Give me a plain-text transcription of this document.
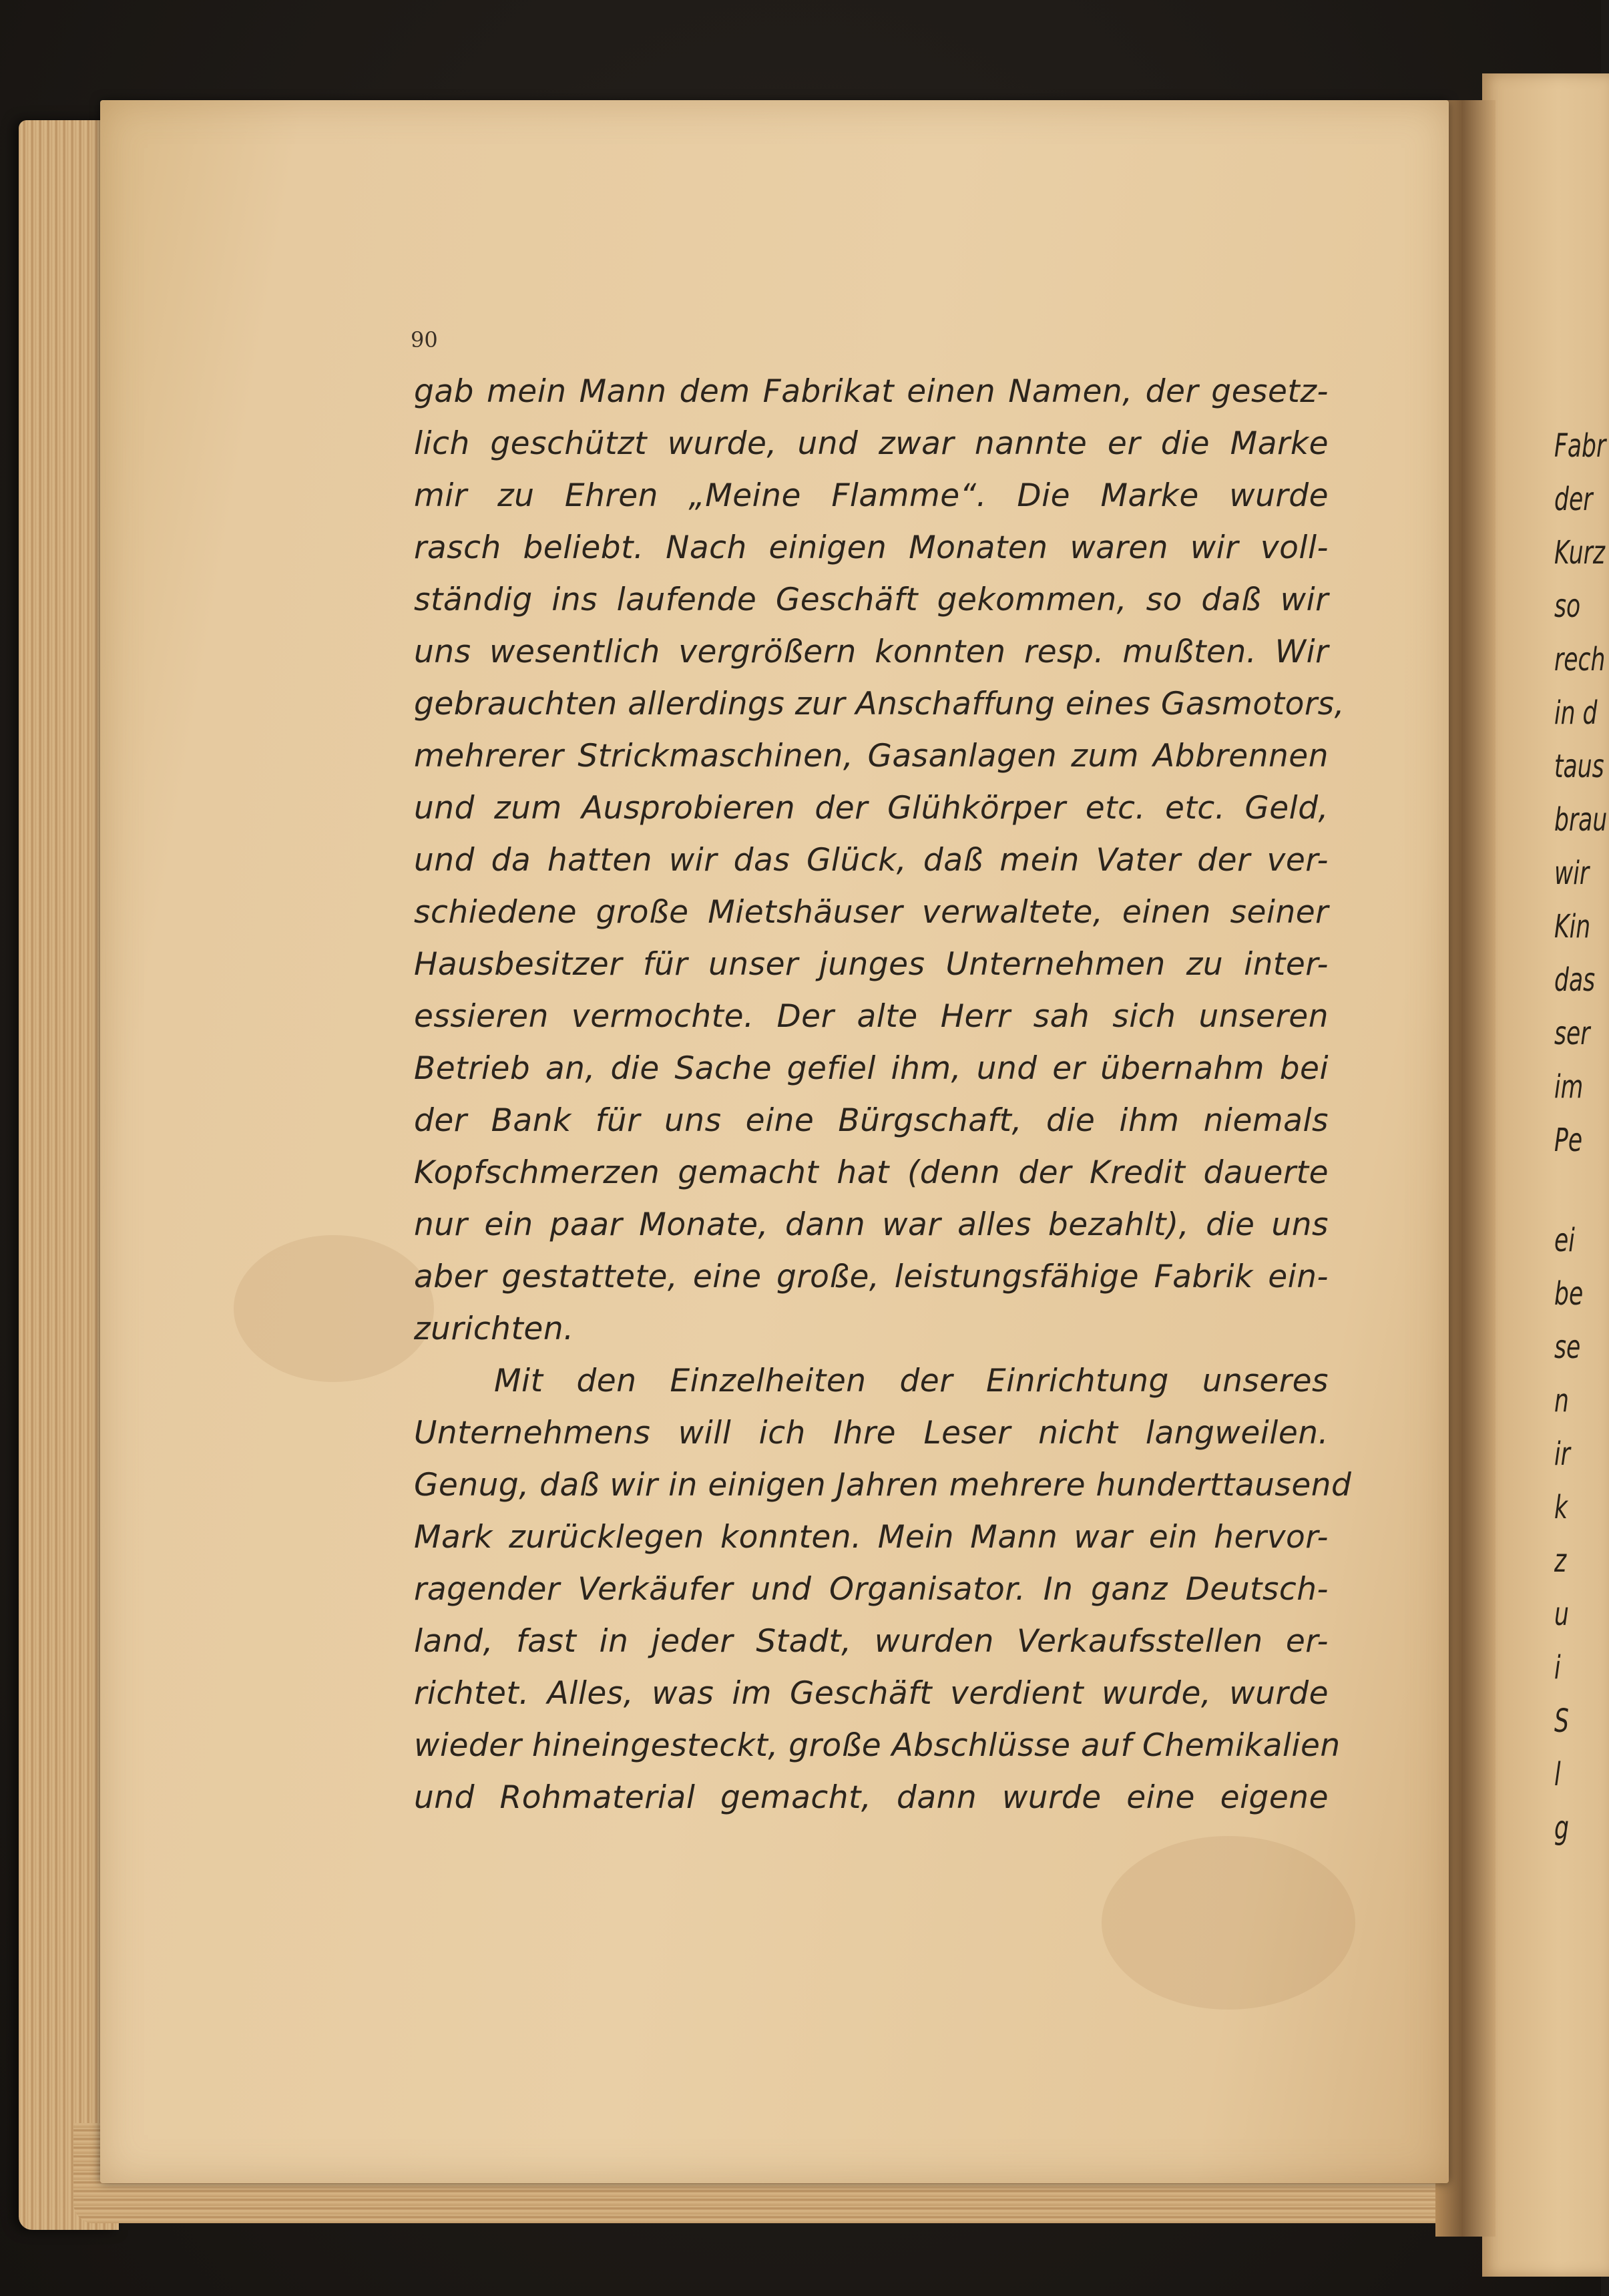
Fabr

der

Kurz

so

rech

in d

taus

brau

wir

Kin

das

ser

im

Pe

ei

be

se

n

ir

k

z

u

i

S

l

g

90

gab mein Mann dem Fabrikat einen Namen, der gesetz-

lich geschützt wurde, und zwar nannte er die Marke

mir zu Ehren „Meine Flamme“. Die Marke wurde

rasch beliebt. Nach einigen Monaten waren wir voll-

ständig ins laufende Geschäft gekommen, so daß wir

uns wesentlich vergrößern konnten resp. mußten. Wir

gebrauchten allerdings zur Anschaffung eines Gasmotors,

mehrerer Strickmaschinen, Gasanlagen zum Abbrennen

und zum Ausprobieren der Glühkörper etc. etc. Geld,

und da hatten wir das Glück, daß mein Vater der ver-

schiedene große Mietshäuser verwaltete, einen seiner

Hausbesitzer für unser junges Unternehmen zu inter-

essieren vermochte. Der alte Herr sah sich unseren

Betrieb an, die Sache gefiel ihm, und er übernahm bei

der Bank für uns eine Bürgschaft, die ihm niemals

Kopfschmerzen gemacht hat (denn der Kredit dauerte

nur ein paar Monate, dann war alles bezahlt), die uns

aber gestattete, eine große, leistungsfähige Fabrik ein-

zurichten.

Mit den Einzelheiten der Einrichtung unseres

Unternehmens will ich Ihre Leser nicht langweilen.

Genug, daß wir in einigen Jahren mehrere hunderttausend

Mark zurücklegen konnten. Mein Mann war ein hervor-

ragender Verkäufer und Organisator. In ganz Deutsch-

land, fast in jeder Stadt, wurden Verkaufsstellen er-

richtet. Alles, was im Geschäft verdient wurde, wurde

wieder hineingesteckt, große Abschlüsse auf Chemikalien

und Rohmaterial gemacht, dann wurde eine eigene
